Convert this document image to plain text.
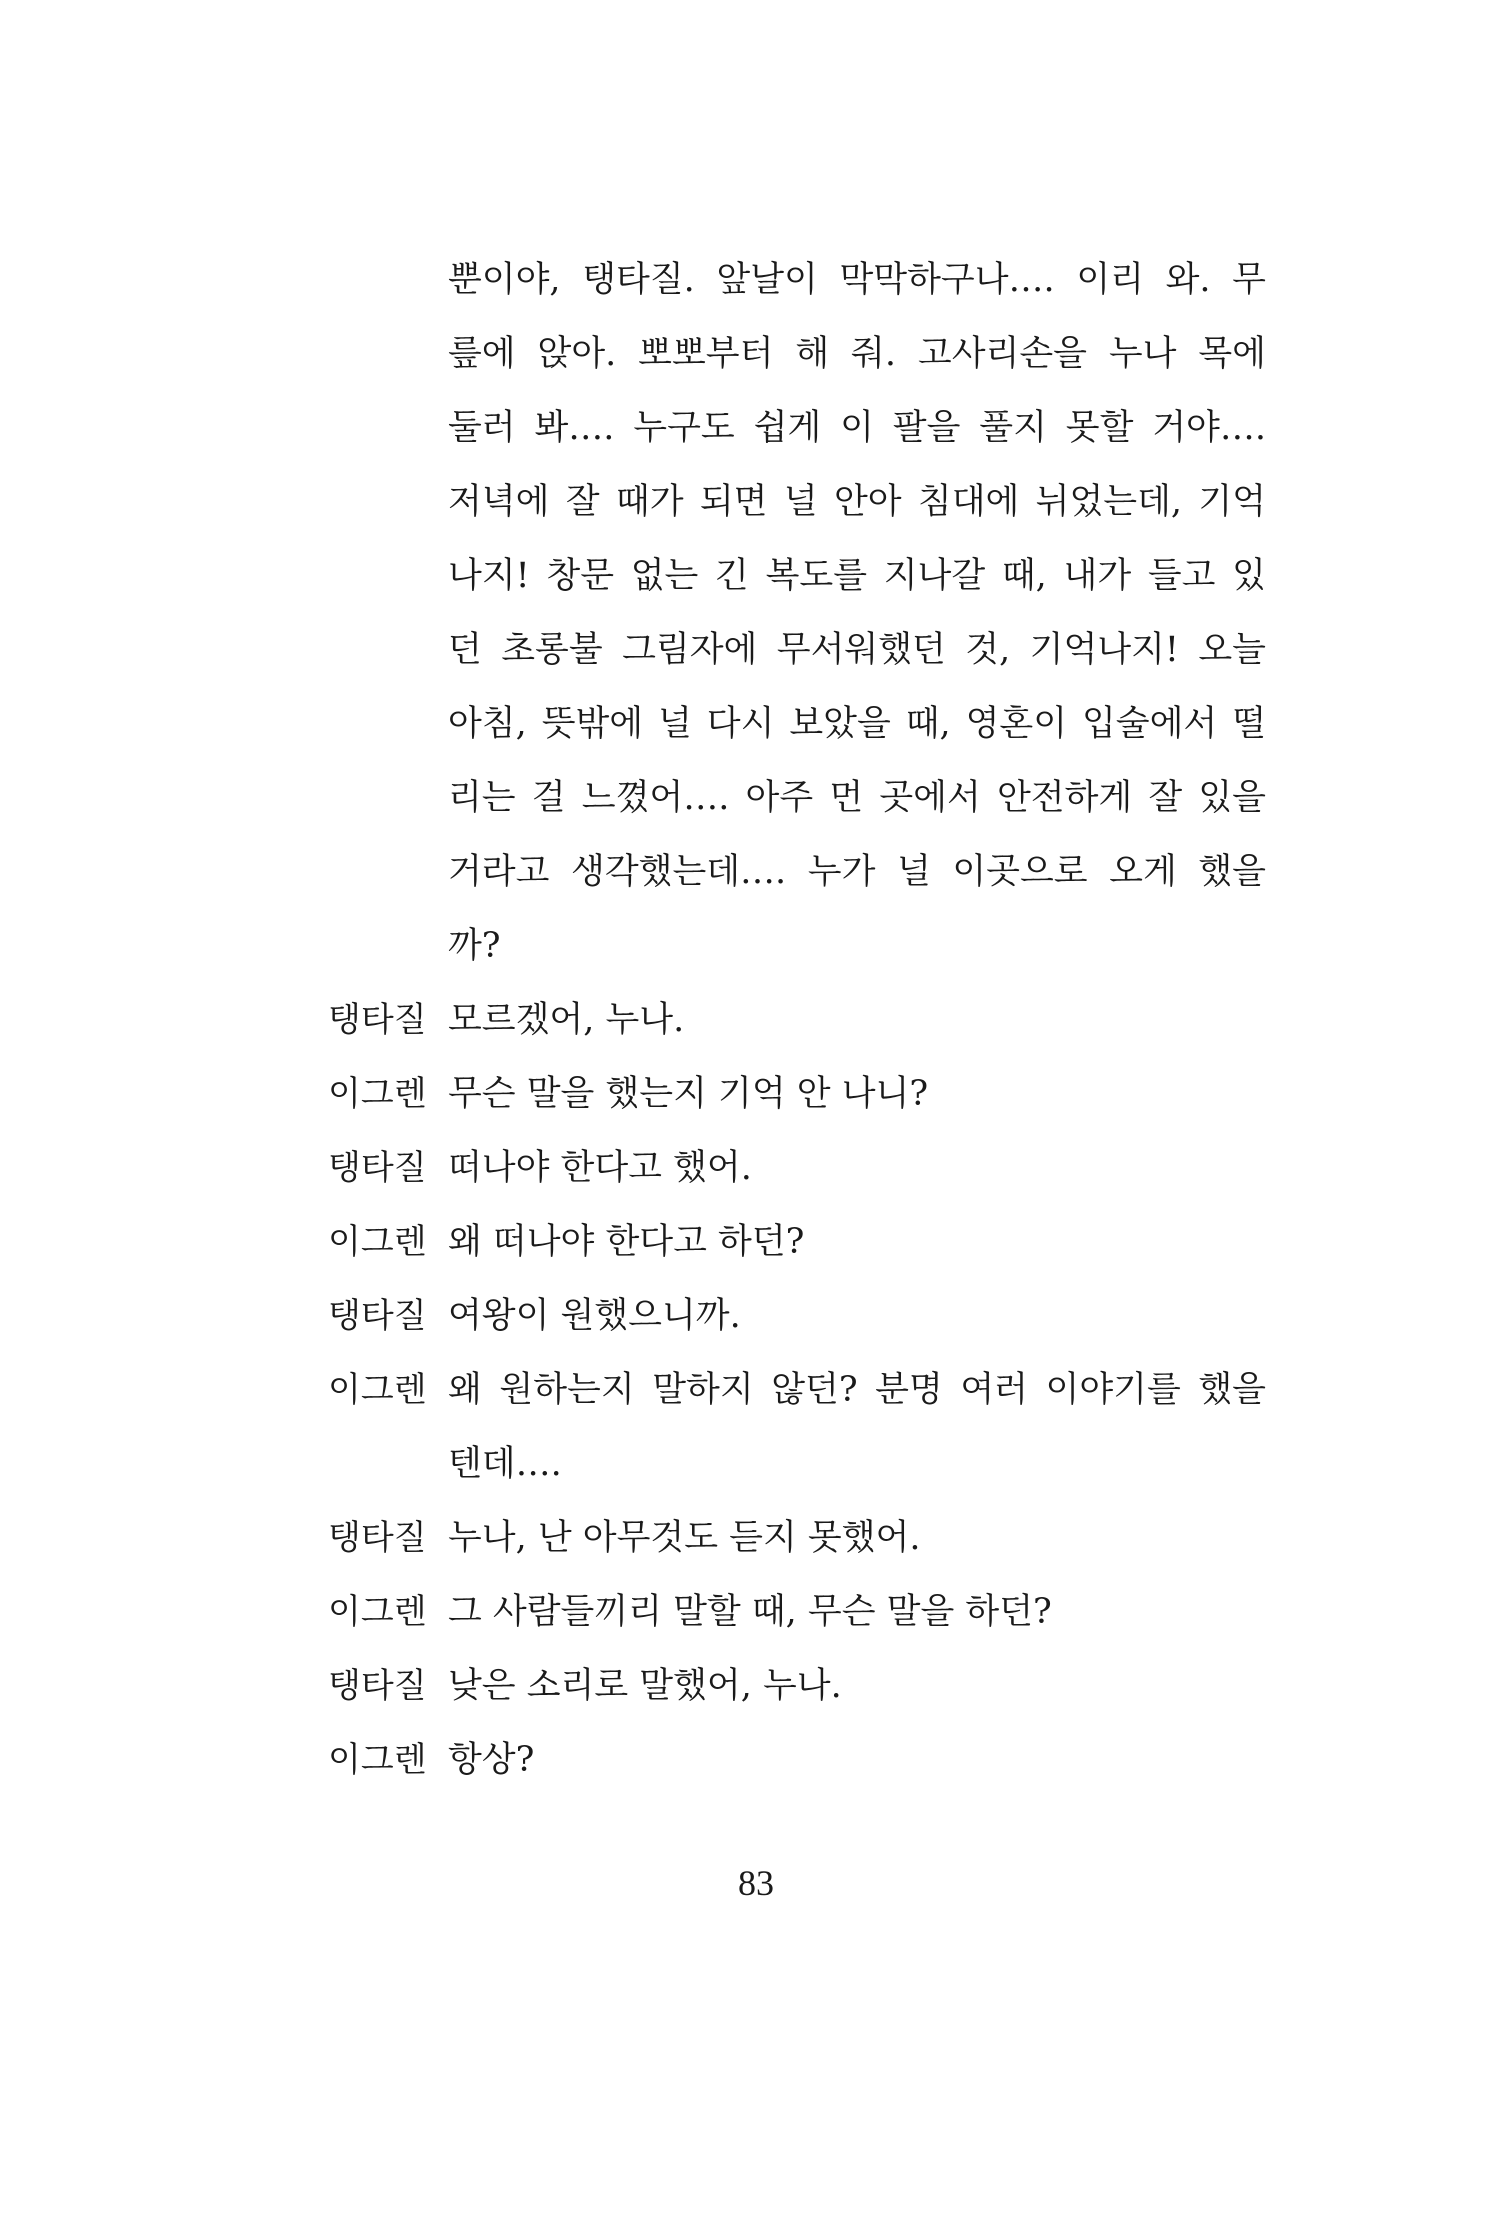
뿐이야, 탱타질. 앞날이 막막하구나…. 이리 와. 무
릎에 앉아. 뽀뽀부터 해 줘. 고사리손을 누나 목에
둘러 봐…. 누구도 쉽게 이 팔을 풀지 못할 거야….
저녁에 잘 때가 되면 널 안아 침대에 뉘었는데, 기억
나지! 창문 없는 긴 복도를 지나갈 때, 내가 들고 있
던 초롱불 그림자에 무서워했던 것, 기억나지! 오늘
아침, 뜻밖에 널 다시 보았을 때, 영혼이 입술에서 떨
리는 걸 느꼈어…. 아주 먼 곳에서 안전하게 잘 있을
거라고 생각했는데…. 누가 널 이곳으로 오게 했을
까?
탱타질 모르겠어, 누나.
이그렌 무슨 말을 했는지 기억 안 나니?
탱타질 떠나야 한다고 했어.
이그렌 왜 떠나야 한다고 하던?
탱타질 여왕이 원했으니까.
이그렌 왜 원하는지 말하지 않던? 분명 여러 이야기를 했을
텐데….
탱타질 누나, 난 아무것도 듣지 못했어.
이그렌 그 사람들끼리 말할 때, 무슨 말을 하던?
탱타질 낮은 소리로 말했어, 누나.
이그렌 항상?
83
